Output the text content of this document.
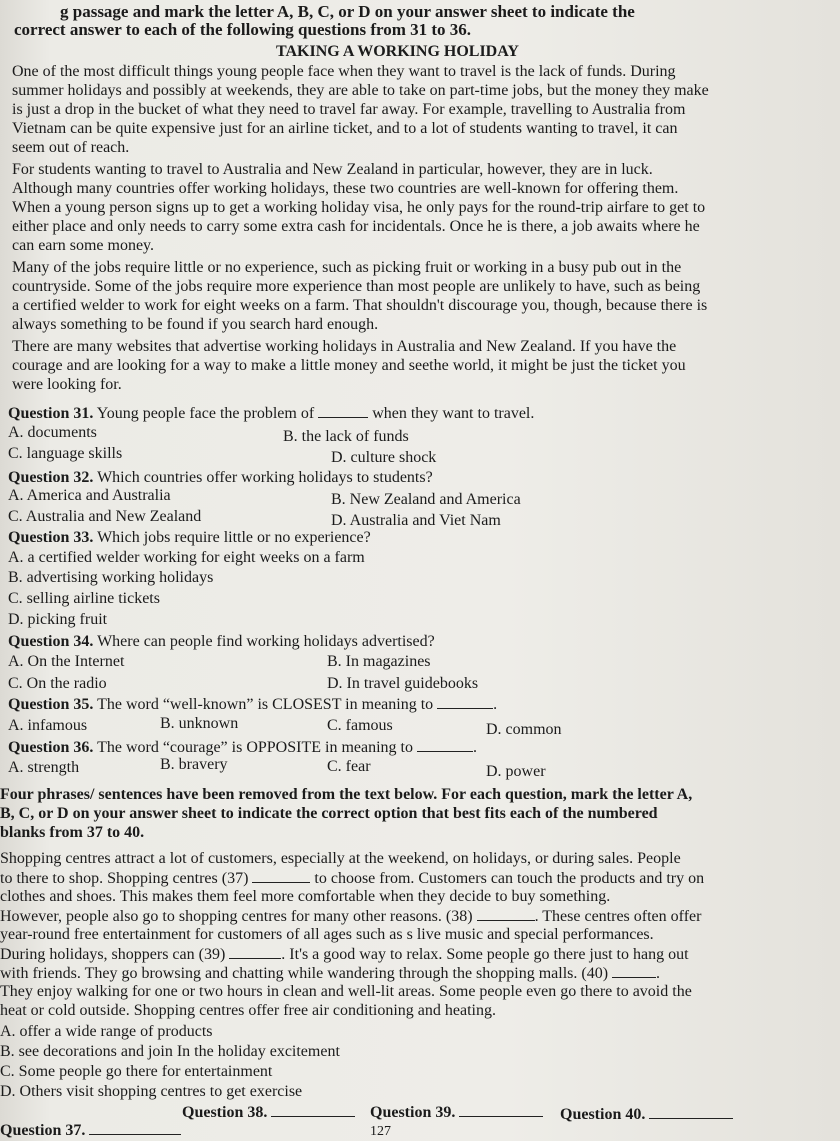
g passage and mark the letter A, B, C, or D on your answer sheet to indicate the
correct answer to each of the following questions from 31 to 36.
TAKING A WORKING HOLIDAY
One of the most difficult things young people face when they want to travel is the lack of funds. During
summer holidays and possibly at weekends, they are able to take on part-time jobs, but the money they make
is just a drop in the bucket of what they need to travel far away. For example, travelling to Australia from
Vietnam can be quite expensive just for an airline ticket, and to a lot of students wanting to travel, it can
seem out of reach.
For students wanting to travel to Australia and New Zealand in particular, however, they are in luck.
Although many countries offer working holidays, these two countries are well-known for offering them.
When a young person signs up to get a working holiday visa, he only pays for the round-trip airfare to get to
either place and only needs to carry some extra cash for incidentals. Once he is there, a job awaits where he
can earn some money.
Many of the jobs require little or no experience, such as picking fruit or working in a busy pub out in the
countryside. Some of the jobs require more experience than most people are unlikely to have, such as being
a certified welder to work for eight weeks on a farm. That shouldn't discourage you, though, because there is
always something to be found if you search hard enough.
There are many websites that advertise working holidays in Australia and New Zealand. If you have the
courage and are looking for a way to make a little money and seethe world, it might be just the ticket you
were looking for.
Question 31. Young people face the problem of	when they want to travel.
A. documents	B. the lack of funds
C. language skills	D. culture shock
Question 32. Which countries offer working holidays to students?
A. America and Australia	B. New Zealand and America
C. Australia and New Zealand	D. Australia and Viet Nam
Question 33. Which jobs require little or no experience?
A. a certified welder working for eight weeks on a farm
B. advertising working holidays
C. selling airline tickets
D. picking fruit
Question 34. Where can people find working holidays advertised?
A. On the Internet	B. In magazines
C. On the radio	D. In travel guidebooks
Question 35. The word “well-known” is CLOSEST in meaning to	.
A. infamous	B. unknown	C. famous	D. common
Question 36. The word “courage” is OPPOSITE in meaning to	.
A. strength	B. bravery	C. fear	D. power
Four phrases/ sentences have been removed from the text below. For each question, mark the letter A,
B, C, or D on your answer sheet to indicate the correct option that best fits each of the numbered
blanks from 37 to 40.
Shopping centres attract a lot of customers, especially at the weekend, on holidays, or during sales. People
to there to shop. Shopping centres (37)	to choose from. Customers can touch the products and try on
clothes and shoes. This makes them feel more comfortable when they decide to buy something.
However, people also go to shopping centres for many other reasons. (38)	. These centres often offer
year-round free entertainment for customers of all ages such as s live music and special performances.
During holidays, shoppers can (39)	. It's a good way to relax. Some people go there just to hang out
with friends. They go browsing and chatting while wandering through the shopping malls. (40)	.
They enjoy walking for one or two hours in clean and well-lit areas. Some people even go there to avoid the
heat or cold outside. Shopping centres offer free air conditioning and heating.
A. offer a wide range of products
B. see decorations and join In the holiday excitement
C. Some people go there for entertainment
D. Others visit shopping centres to get exercise
Question 37.
Question 38.	Question 39.	Question 40.
127
